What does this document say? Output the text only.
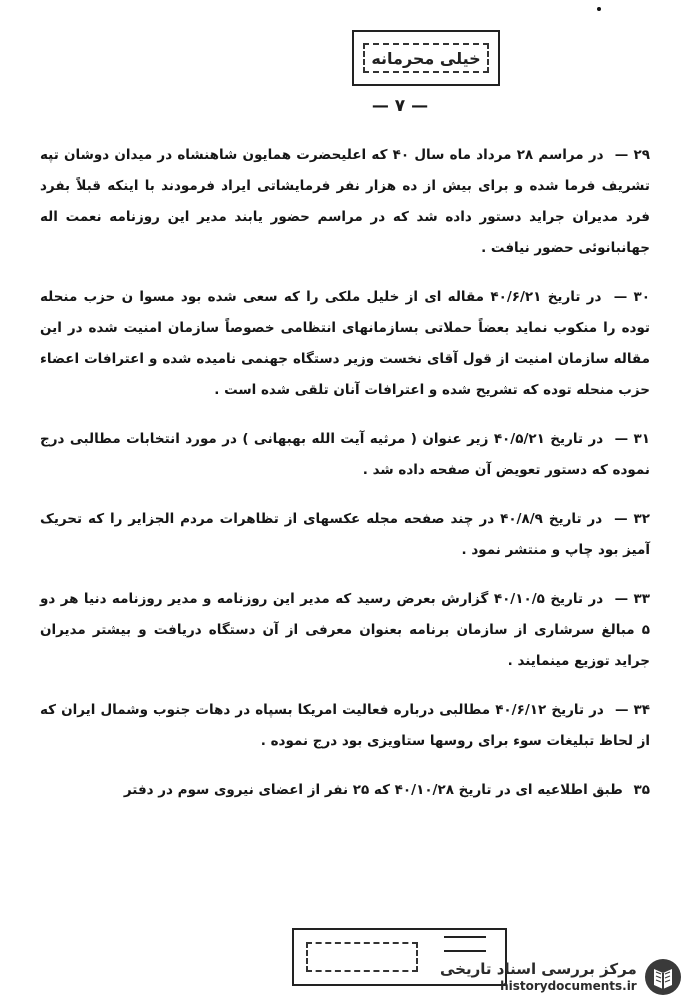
خیلی محرمانه
— ۷ —

۲۹ — در مراسم ۲۸ مرداد ماه سال ۴۰ که اعلیحضرت همایون شاهنشاه در میدان دوشان تپه تشریف فرما شده و برای بیش از ده هزار نفر فرمایشاتی ایراد فرمودند با اینکه قبلاً بفرد فرد مدیران جراید دستور داده شد که در مراسم حضور یابند مدیر این روزنامه نعمت اله جهانبانوئی حضور نیافت .

۳۰ — در تاریخ ۴۰/۶/۲۱ مقاله ای از خلیل ملکی را که سعی شده بود مسوا ن حزب منحله توده را منکوب نماید بعضاً حملاتی بسازمانهای انتظامی خصوصاً سازمان امنیت شده در این مقاله سازمان امنیت از قول آقای نخست وزیر دستگاه جهنمی نامیده شده و اعترافات اعضاء حزب منحله توده که تشریح شده و اعترافات آنان تلقی شده است .

۳۱ — در تاریخ ۴۰/۵/۲۱ زیر عنوان ( مرثیه آیت الله بهبهانی ) در مورد انتخابات مطالبی درج نموده که دستور تعویض آن صفحه داده شد .

۳۲ — در تاریخ ۴۰/۸/۹ در چند صفحه مجله عکسهای از تظاهرات مردم الجزایر را که تحریک آمیز بود چاپ و منتشر نمود .

۳۳ — در تاریخ ۴۰/۱۰/۵ گزارش بعرض رسید که مدیر این روزنامه و مدیر روزنامه دنیا هر دو ۵ مبالغ سرشاری از سازمان برنامه بعنوان معرفی از آن دستگاه دریافت و بیشتر مدیران جراید توزیع مینمایند .

۳۴ — در تاریخ ۴۰/۶/۱۲ مطالبی درباره فعالیت امریکا بسپاه در دهات جنوب وشمال ایران که از لحاظ تبلیغات سوء برای روسها ستاویزی بود درج نموده .

۳۵ طبق اطلاعیه ای در تاریخ ۴۰/۱۰/۲۸ که ۲۵ نفر از اعضای نیروی سوم در دفتر

مرکز بررسی اسناد تاریخی
historydocuments.ir
